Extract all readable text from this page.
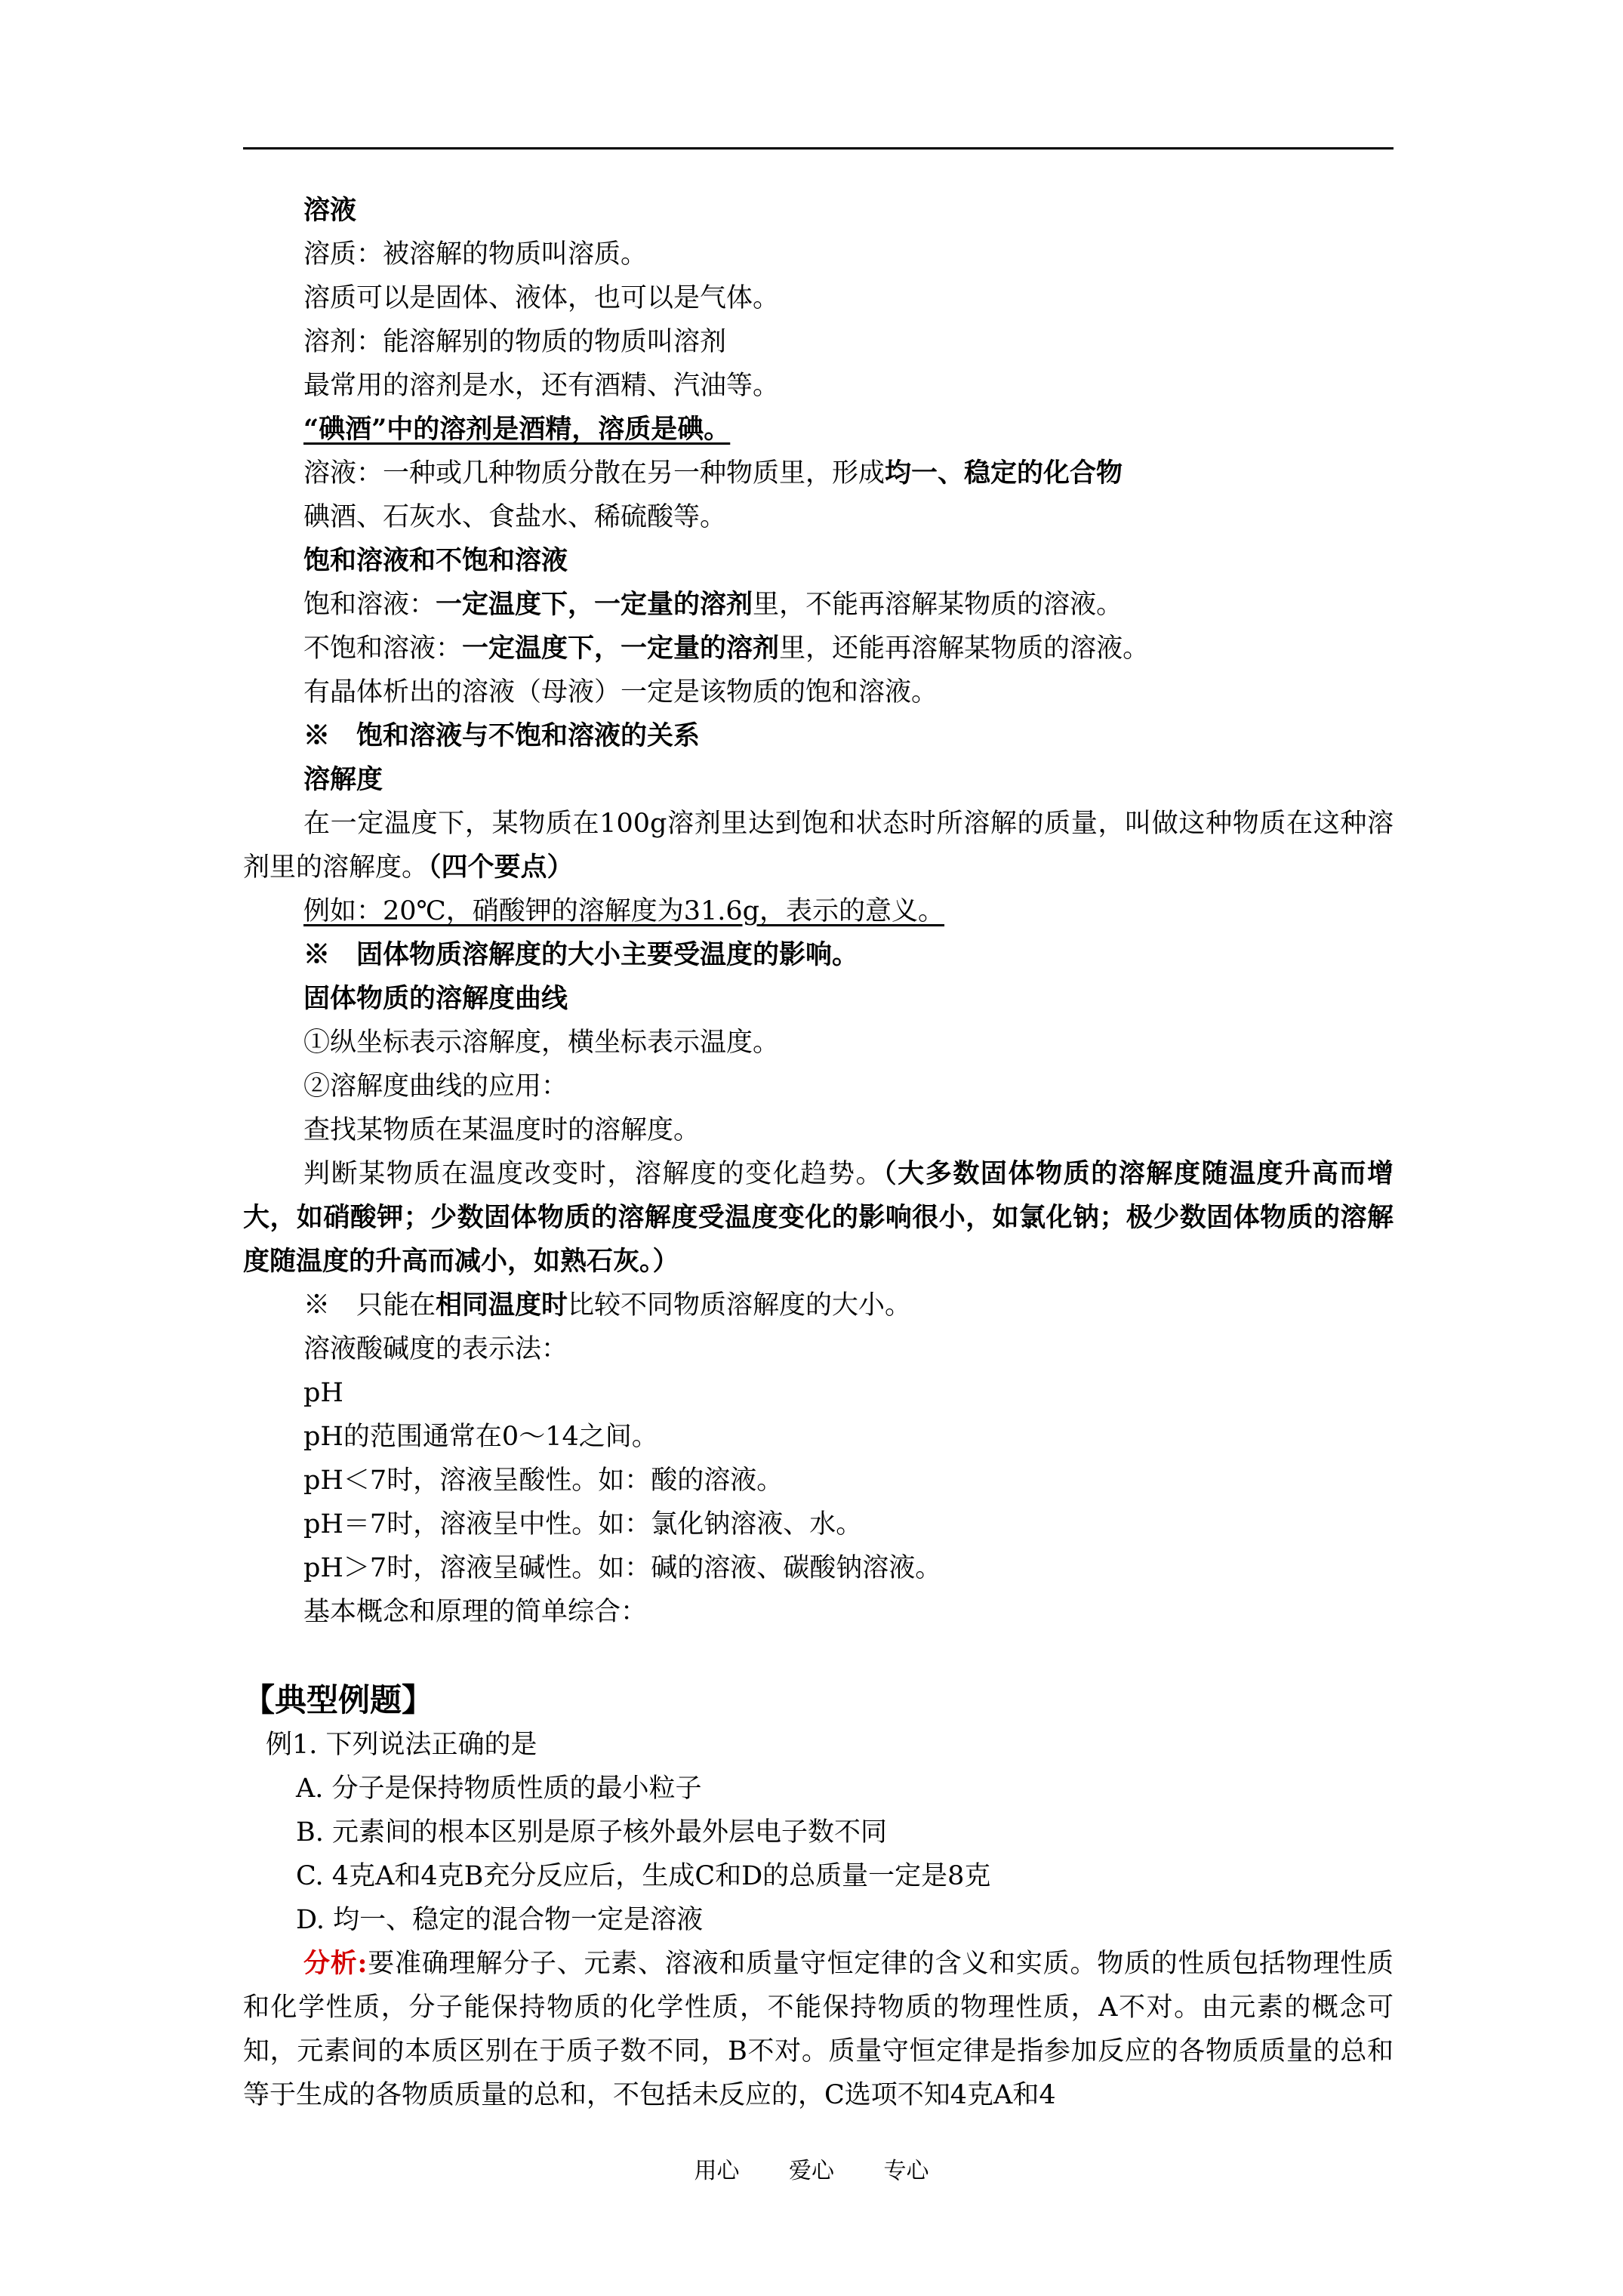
溶液

溶质：被溶解的物质叫溶质。

溶质可以是固体、液体，也可以是气体。

溶剂：能溶解别的物质的物质叫溶剂

最常用的溶剂是水，还有酒精、汽油等。

“碘酒”中的溶剂是酒精，溶质是碘。

溶液：一种或几种物质分散在另一种物质里，形成均一、稳定的化合物

碘酒、石灰水、食盐水、稀硫酸等。

饱和溶液和不饱和溶液

饱和溶液：一定温度下，一定量的溶剂里，不能再溶解某物质的溶液。

不饱和溶液：一定温度下，一定量的溶剂里，还能再溶解某物质的溶液。

有晶体析出的溶液（母液）一定是该物质的饱和溶液。

※　饱和溶液与不饱和溶液的关系

溶解度

在一定温度下，某物质在100g溶剂里达到饱和状态时所溶解的质量，叫做这种物质在这种溶剂里的溶解度。（四个要点）

例如：20℃，硝酸钾的溶解度为31.6g，表示的意义。

※　固体物质溶解度的大小主要受温度的影响。

固体物质的溶解度曲线

①纵坐标表示溶解度，横坐标表示温度。

②溶解度曲线的应用：

查找某物质在某温度时的溶解度。

判断某物质在温度改变时，溶解度的变化趋势。（大多数固体物质的溶解度随温度升高而增大，如硝酸钾；少数固体物质的溶解度受温度变化的影响很小，如氯化钠；极少数固体物质的溶解度随温度的升高而减小，如熟石灰。）

※　只能在相同温度时比较不同物质溶解度的大小。

溶液酸碱度的表示法：

pH

pH的范围通常在0～14之间。

pH＜7时，溶液呈酸性。如：酸的溶液。

pH＝7时，溶液呈中性。如：氯化钠溶液、水。

pH＞7时，溶液呈碱性。如：碱的溶液、碳酸钠溶液。

基本概念和原理的简单综合：

【典型例题】

例1. 下列说法正确的是

A. 分子是保持物质性质的最小粒子

B. 元素间的根本区别是原子核外最外层电子数不同

C. 4克A和4克B充分反应后，生成C和D的总质量一定是8克

D. 均一、稳定的混合物一定是溶液

分析:要准确理解分子、元素、溶液和质量守恒定律的含义和实质。物质的性质包括物理性质和化学性质，分子能保持物质的化学性质，不能保持物质的物理性质，A不对。由元素的概念可知，元素间的本质区别在于质子数不同，B不对。质量守恒定律是指参加反应的各物质质量的总和等于生成的各物质质量的总和，不包括未反应的，C选项不知4克A和4

用心 爱心 专心
